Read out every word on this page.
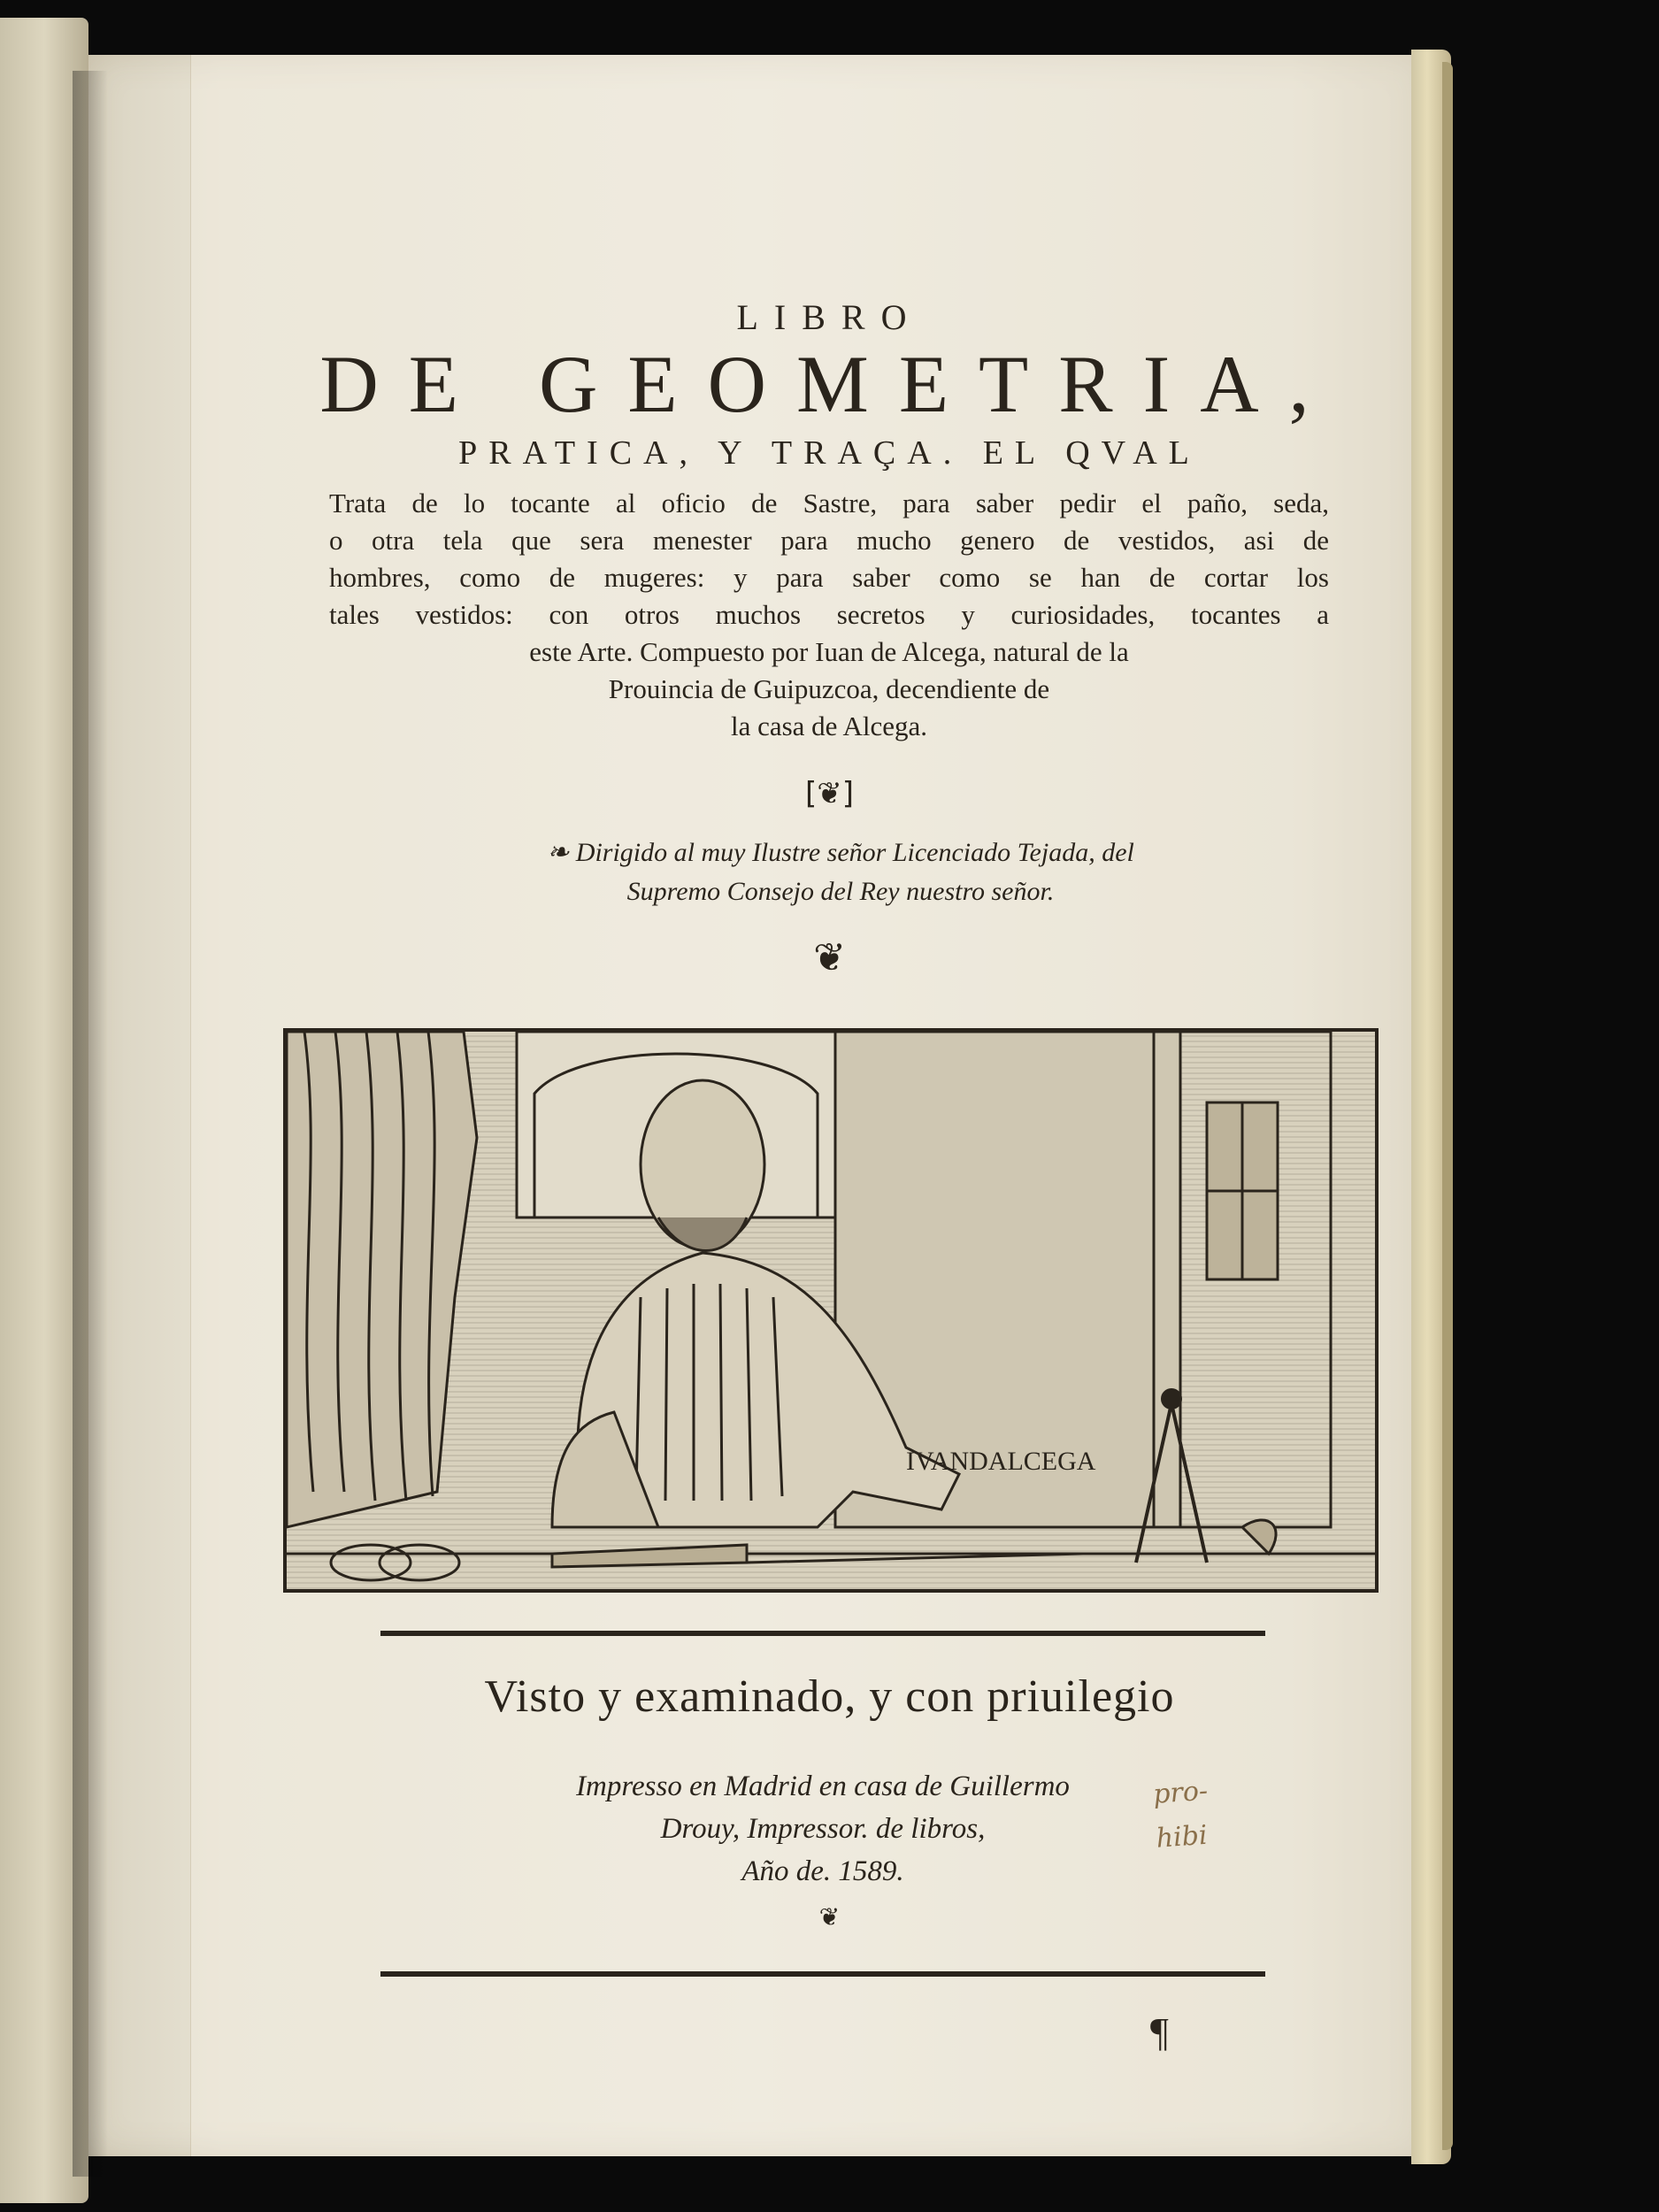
LIBRO
DE GEOMETRIA,
PRATICA, Y TRAÇA. EL QVAL
Trata de lo tocante al oficio de Sastre, para saber pedir el paño, seda,
o otra tela que sera menester para mucho genero de vestidos, asi de
hombres, como de mugeres: y para saber como se han de cortar los
tales vestidos: con otros muchos secretos y curiosidades, tocantes a
este Arte. Compuesto por Iuan de Alcega, natural de la
Prouincia de Guipuzcoa, decendiente de
la casa de Alcega.
[❦]
❧ Dirigido al muy Ilustre señor Licenciado Tejada, del
Supremo Consejo del Rey nuestro señor.
❦
IVANDALCEGA
Visto y examinado, y con priuilegio
Impresso en Madrid en casa de Guillermo
Drouy, Impressor. de libros,
Año de. 1589.
pro-
hibi
❦
¶
